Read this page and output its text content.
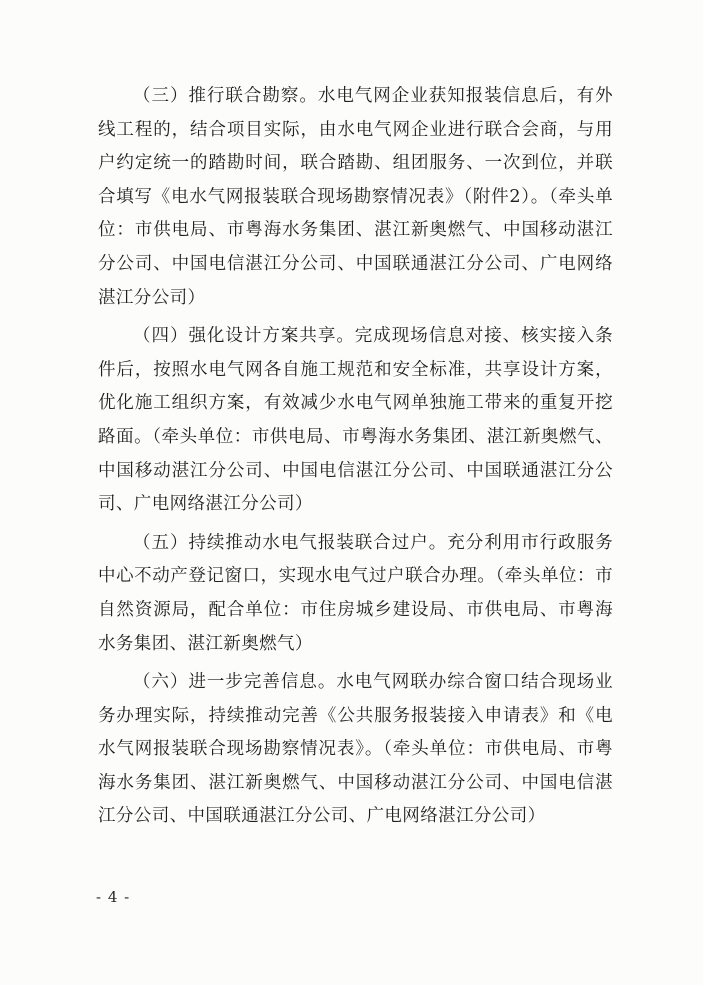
（三）推行联合勘察。水电气网企业获知报装信息后，有外线工程的，结合项目实际，由水电气网企业进行联合会商，与用户约定统一的踏勘时间，联合踏勘、组团服务、一次到位，并联合填写《电水气网报装联合现场勘察情况表》（附件2）。（牵头单位：市供电局、市粤海水务集团、湛江新奥燃气、中国移动湛江分公司、中国电信湛江分公司、中国联通湛江分公司、广电网络湛江分公司）

（四）强化设计方案共享。完成现场信息对接、核实接入条件后，按照水电气网各自施工规范和安全标准，共享设计方案，优化施工组织方案，有效减少水电气网单独施工带来的重复开挖路面。（牵头单位：市供电局、市粤海水务集团、湛江新奥燃气、中国移动湛江分公司、中国电信湛江分公司、中国联通湛江分公司、广电网络湛江分公司）

（五）持续推动水电气报装联合过户。充分利用市行政服务中心不动产登记窗口，实现水电气过户联合办理。（牵头单位：市自然资源局，配合单位：市住房城乡建设局、市供电局、市粤海水务集团、湛江新奥燃气）

（六）进一步完善信息。水电气网联办综合窗口结合现场业务办理实际，持续推动完善《公共服务报装接入申请表》和《电水气网报装联合现场勘察情况表》。（牵头单位：市供电局、市粤海水务集团、湛江新奥燃气、中国移动湛江分公司、中国电信湛江分公司、中国联通湛江分公司、广电网络湛江分公司）

- 4 -
